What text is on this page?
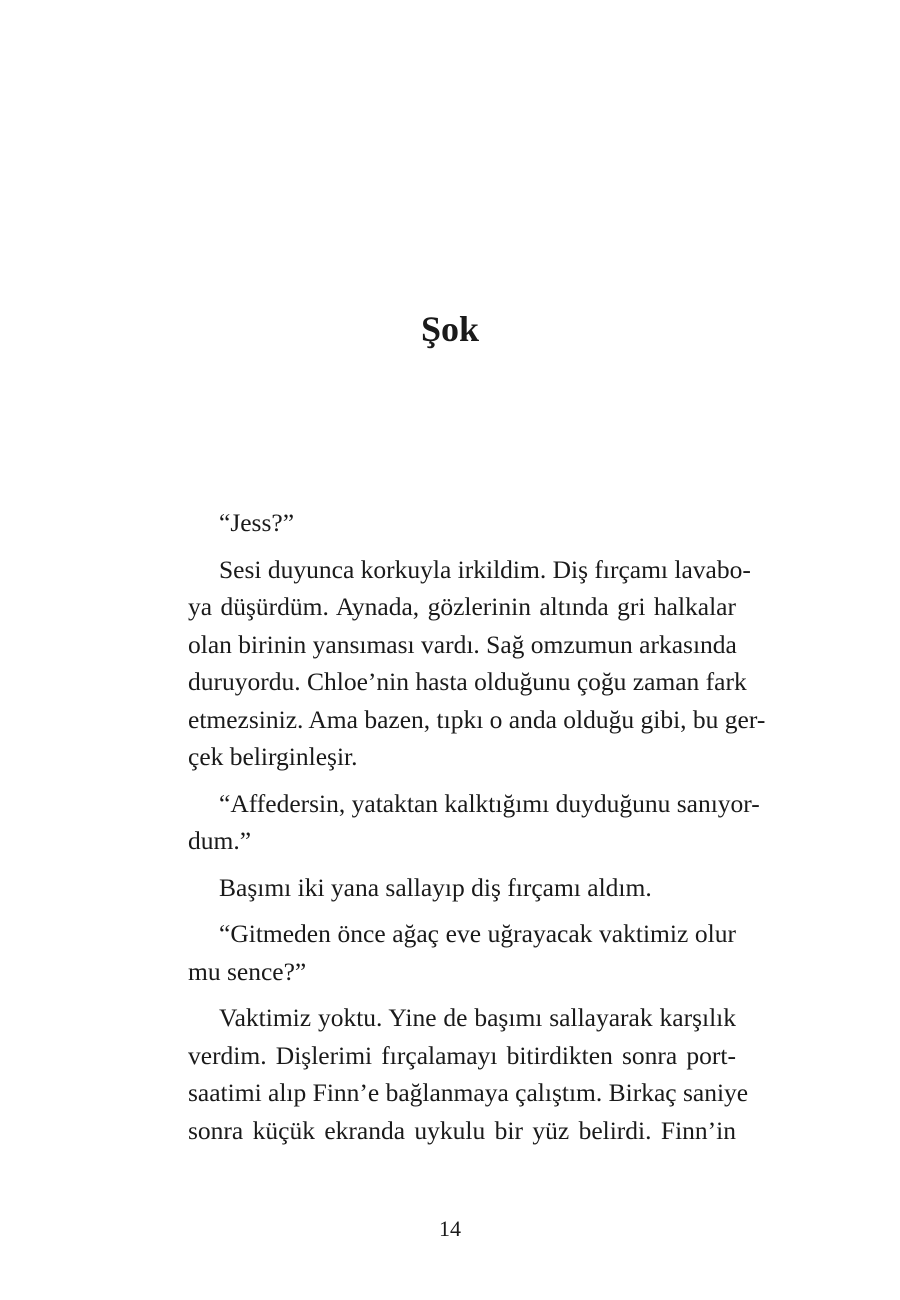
Şok

“Jess?”

Sesi duyunca korkuyla irkildim. Diş fırçamı lavabo-
ya düşürdüm. Aynada, gözlerinin altında gri halkalar
olan birinin yansıması vardı. Sağ omzumun arkasında
duruyordu. Chloe’nin hasta olduğunu çoğu zaman fark
etmezsiniz. Ama bazen, tıpkı o anda olduğu gibi, bu ger-
çek belirginleşir.

“Affedersin, yataktan kalktığımı duyduğunu sanıyor-
dum.”

Başımı iki yana sallayıp diş fırçamı aldım.

“Gitmeden önce ağaç eve uğrayacak vaktimiz olur
mu sence?”

Vaktimiz yoktu. Yine de başımı sallayarak karşılık
verdim. Dişlerimi fırçalamayı bitirdikten sonra port-
saatimi alıp Finn’e bağlanmaya çalıştım. Birkaç saniye
sonra küçük ekranda uykulu bir yüz belirdi. Finn’in

14
